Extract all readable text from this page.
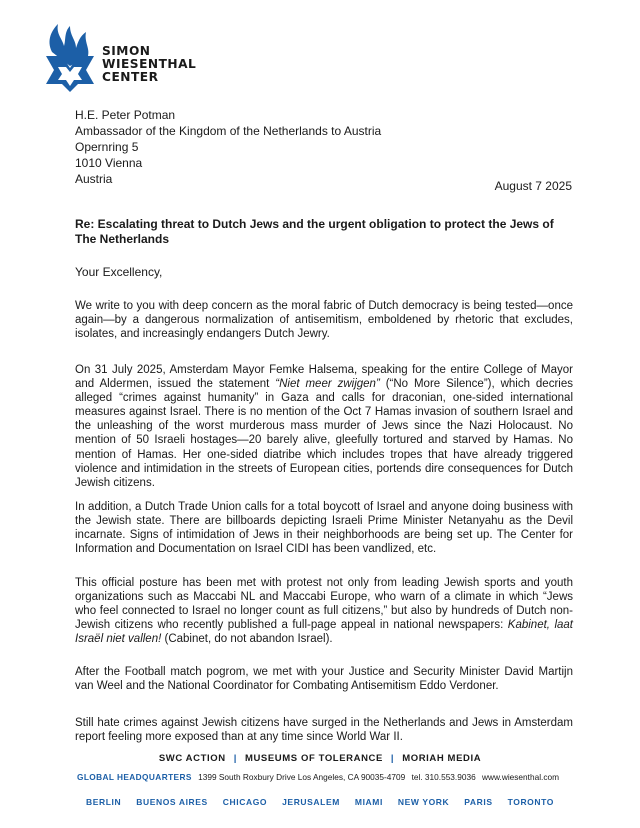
SIMON
WIESENTHAL
CENTER
H.E. Peter Potman
Ambassador of the Kingdom of the Netherlands to Austria
Opernring 5
1010 Vienna
Austria	August 7 2025
Re: Escalating threat to Dutch Jews and the urgent obligation to protect the Jews of The Netherlands
Your Excellency,
We write to you with deep concern as the moral fabric of Dutch democracy is being tested—once again—by a dangerous normalization of antisemitism, emboldened by rhetoric that excludes, isolates, and increasingly endangers Dutch Jewry.
On 31 July 2025, Amsterdam Mayor Femke Halsema, speaking for the entire College of Mayor and Aldermen, issued the statement “Niet meer zwijgen” (“No More Silence”), which decries alleged “crimes against humanity” in Gaza and calls for draconian, one-sided international measures against Israel. There is no mention of the Oct 7 Hamas invasion of southern Israel and the unleashing of the worst murderous mass murder of Jews since the Nazi Holocaust. No mention of 50 Israeli hostages—20 barely alive, gleefully tortured and starved by Hamas. No mention of Hamas. Her one-sided diatribe which includes tropes that have already triggered violence and intimidation in the streets of European cities, portends dire consequences for Dutch Jewish citizens.
In addition, a Dutch Trade Union calls for a total boycott of Israel and anyone doing business with the Jewish state. There are billboards depicting Israeli Prime Minister Netanyahu as the Devil incarnate. Signs of intimidation of Jews in their neighborhoods are being set up. The Center for Information and Documentation on Israel CIDI has been vandlized, etc.
This official posture has been met with protest not only from leading Jewish sports and youth organizations such as Maccabi NL and Maccabi Europe, who warn of a climate in which “Jews who feel connected to Israel no longer count as full citizens,” but also by hundreds of Dutch non-Jewish citizens who recently published a full-page appeal in national newspapers: Kabinet, laat Israël niet vallen! (Cabinet, do not abandon Israel).
After the Football match pogrom, we met with your Justice and Security Minister David Martijn van Weel and the National Coordinator for Combating Antisemitism Eddo Verdoner.
Still hate crimes against Jewish citizens have surged in the Netherlands and Jews in Amsterdam report feeling more exposed than at any time since World War II.
SWC ACTION | MUSEUMS OF TOLERANCE | MORIAH MEDIA
GLOBAL HEADQUARTERS 1399 South Roxbury Drive Los Angeles, CA 90035-4709 tel. 310.553.9036 www.wiesenthal.com
BERLIN BUENOS AIRES CHICAGO JERUSALEM MIAMI NEW YORK PARIS TORONTO
